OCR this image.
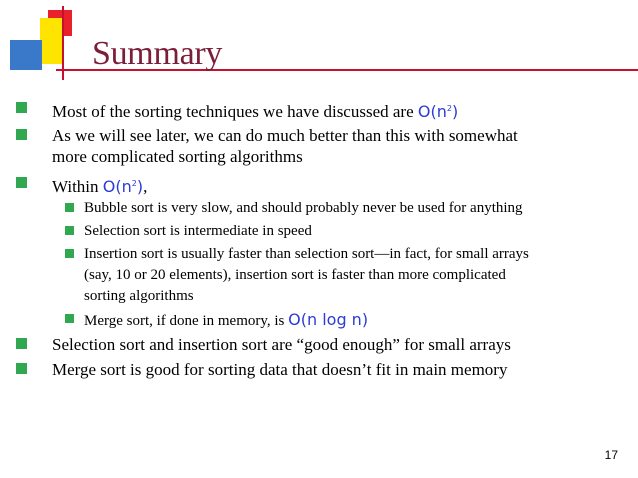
Summary
Most of the sorting techniques we have discussed are $O(n^2)$
As we will see later, we can do much better than this with somewhat
more complicated sorting algorithms
Within $O(n^2)$,
Bubble sort is very slow, and should probably never be used for anything
Selection sort is intermediate in speed
Insertion sort is usually faster than selection sort—in fact, for small arrays
(say, 10 or 20 elements), insertion sort is faster than more complicated
sorting algorithms
Merge sort, if done in memory, is O(n log n)
Selection sort and insertion sort are “good enough” for small arrays
Merge sort is good for sorting data that doesn’t fit in main memory
17
